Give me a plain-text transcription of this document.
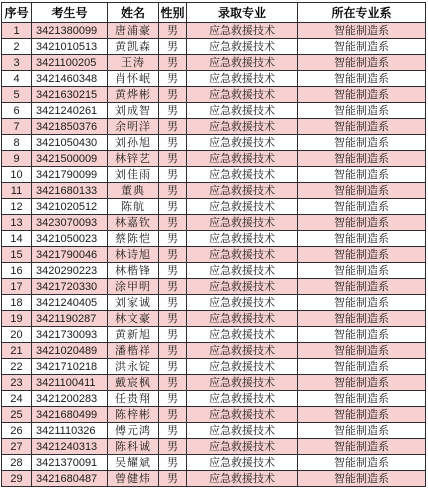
序号	考生号	姓名	性别	录取专业	所在专业系
1	3421380099	唐浦豪	男	应急救援技术	智能制造系
2	3421010513	黄凯森	男	应急救援技术	智能制造系
3	3421100205	王涛	男	应急救援技术	智能制造系
4	3421460348	肖怀岷	男	应急救援技术	智能制造系
5	3421630215	黄烨彬	男	应急救援技术	智能制造系
6	3421240261	刘成智	男	应急救援技术	智能制造系
7	3421850376	余明洋	男	应急救援技术	智能制造系
8	3421050430	刘孙旭	男	应急救援技术	智能制造系
9	3421500009	林锌艺	男	应急救援技术	智能制造系
10	3421790099	刘佳雨	男	应急救援技术	智能制造系
11	3421680133	董典	男	应急救援技术	智能制造系
12	3421020512	陈航	男	应急救援技术	智能制造系
13	3423070093	林嘉钦	男	应急救援技术	智能制造系
14	3421050023	蔡陈恺	男	应急救援技术	智能制造系
15	3421790046	林诗旭	男	应急救援技术	智能制造系
16	3420290223	林楷锋	男	应急救援技术	智能制造系
17	3421720330	涂甲明	男	应急救援技术	智能制造系
18	3421240405	刘家诚	男	应急救援技术	智能制造系
19	3421190287	林文豪	男	应急救援技术	智能制造系
20	3421730093	黄新旭	男	应急救援技术	智能制造系
21	3421020489	潘楷祥	男	应急救援技术	智能制造系
22	3421710218	洪永锭	男	应急救援技术	智能制造系
23	3421100411	戴宸枫	男	应急救援技术	智能制造系
24	3421200283	任贵翔	男	应急救援技术	智能制造系
25	3421680499	陈梓彬	男	应急救援技术	智能制造系
26	3421110326	傅元鸿	男	应急救援技术	智能制造系
27	3421240313	陈科诚	男	应急救援技术	智能制造系
28	3421370091	吴耀斌	男	应急救援技术	智能制造系
29	3421680487	曾健炜	男	应急救援技术	智能制造系
